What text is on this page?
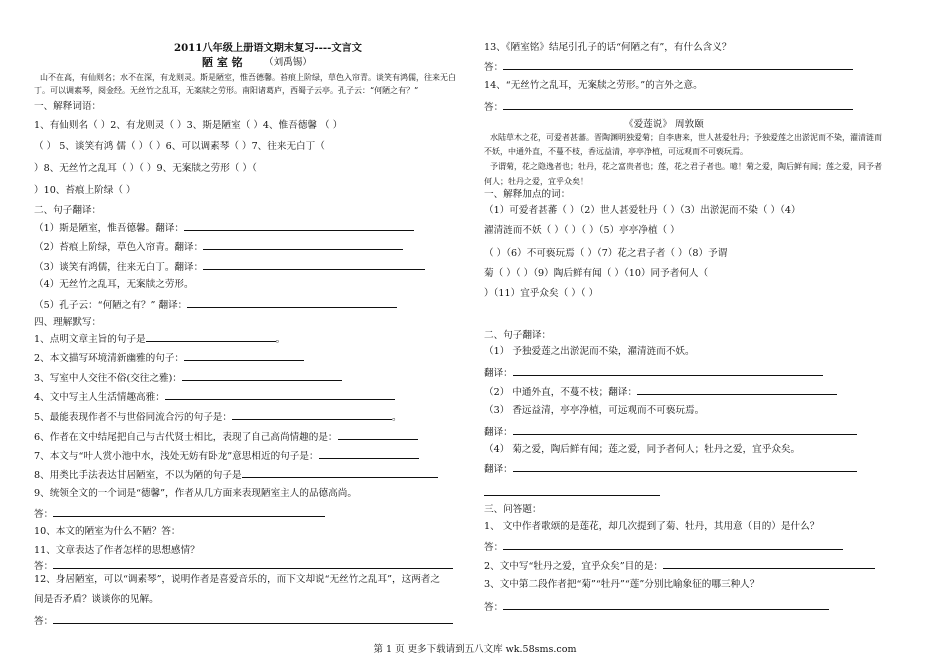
2011八年级上册语文期末复习----文言文
陋 室 铭 （刘禹锡）
山不在高，有仙则名；水不在深，有龙则灵。斯是陋室，惟吾德馨。苔痕上阶绿，草色入帘青。谈笑有鸿儒，往来无白
丁。可以调素琴，阅金经。无丝竹之乱耳，无案牍之劳形。南阳诸葛庐，西蜀子云亭。孔子云：“何陋之有？”
一、解释词语：
1、有仙则名（ ）2、有龙则灵（ ）3、斯是陋室（ ）4、惟吾德馨 （ ）
（ ） 5、谈笑有鸿 儒（ ）（ ）6、可以调素琴（ ）7、往来无白丁（
）8、无丝竹之乱耳（ ）（ ）9、无案牍之劳形（ ）（
）10、苔痕上阶绿（ ）
二、句子翻译：
（1）斯是陋室，惟吾德馨。翻译：
（2）苔痕上阶绿，草色入帘青。翻译：
（3）谈笑有鸿儒，往来无白丁。翻译：
（4）无丝竹之乱耳，无案牍之劳形。
（5）孔子云：“何陋之有？” 翻译：
四、理解默写：
1、点明文章主旨的句子是	。
2、本文描写环境清新幽雅的句子：
3、写室中人交往不俗(交往之雅)：
4、文中写主人生活情趣高雅：
5、最能表现作者不与世俗同流合污的句子是：	。
6、作者在文中结尾把自己与古代贤士相比，表现了自己高尚情趣的是：
7、本文与“叶人赏小池中水，浅处无妨有卧龙”意思相近的句子是：
8、用类比手法表达甘居陋室，不以为陋的句子是
9、统领全文的一个词是“德馨”，作者从几方面来表现陋室主人的品德高尚。
答：
10、本文的陋室为什么不陋？答：
11、文章表达了作者怎样的思想感情？
答：
12、身居陋室，可以“调素琴”，说明作者是喜爱音乐的，而下文却说“无丝竹之乱耳”，这两者之
间是否矛盾？谈谈你的见解。
答：
13、《陋室铭》结尾引孔子的话“何陋之有”，有什么含义？
答：
14、“无丝竹之乱耳，无案牍之劳形。”的言外之意。
答：
《爱莲说》 周敦颐
水陆草木之花，可爱者甚蕃。晋陶渊明独爱菊；自李唐来，世人甚爱牡丹；予独爱莲之出淤泥而不染，濯清涟而
不妖，中通外直，不蔓不枝，香远益清，亭亭净植，可远观而不可亵玩焉。
予谓菊，花之隐逸者也；牡丹，花之富贵者也；莲，花之君子者也。噫！菊之爱，陶后鲜有闻；莲之爱，同予者
何人；牡丹之爱，宜乎众矣！
一、解释加点的词：
（1）可爱者甚蕃（ ）（2）世人甚爱牡丹（ ）（3）出淤泥而不染（ ）（4）
濯清涟而不妖（ ）（ ）（ ）（5）亭亭净植（ ）
（ ）（6）不可亵玩焉（ ）（7）花之君子者（ ）（8）予谓
菊（ ）（ ）（9）陶后鲜有闻（ ）（10）同予者何人（
）（11）宜乎众矣（ ）（ ）
二、句子翻译：
（1） 予独爱莲之出淤泥而不染，濯清涟而不妖。
翻译：
（2） 中通外直，不蔓不枝；翻译：
（3） 香远益清，亭亭净植，可远观而不可亵玩焉。
翻译：
（4） 菊之爱，陶后鲜有闻；莲之爱，同予者何人；牡丹之爱，宜乎众矣。
翻译：
三、问答题：
1、 文中作者歌颂的是莲花，却几次提到了菊、牡丹，其用意（目的）是什么？
答：
2、文中写“牡丹之爱，宜乎众矣”目的是：
3、文中第二段作者把“菊”“牡丹”“莲”分别比喻象征的哪三种人？
答：
第 1 页 更多下载请到五八文库 wk.58sms.com
